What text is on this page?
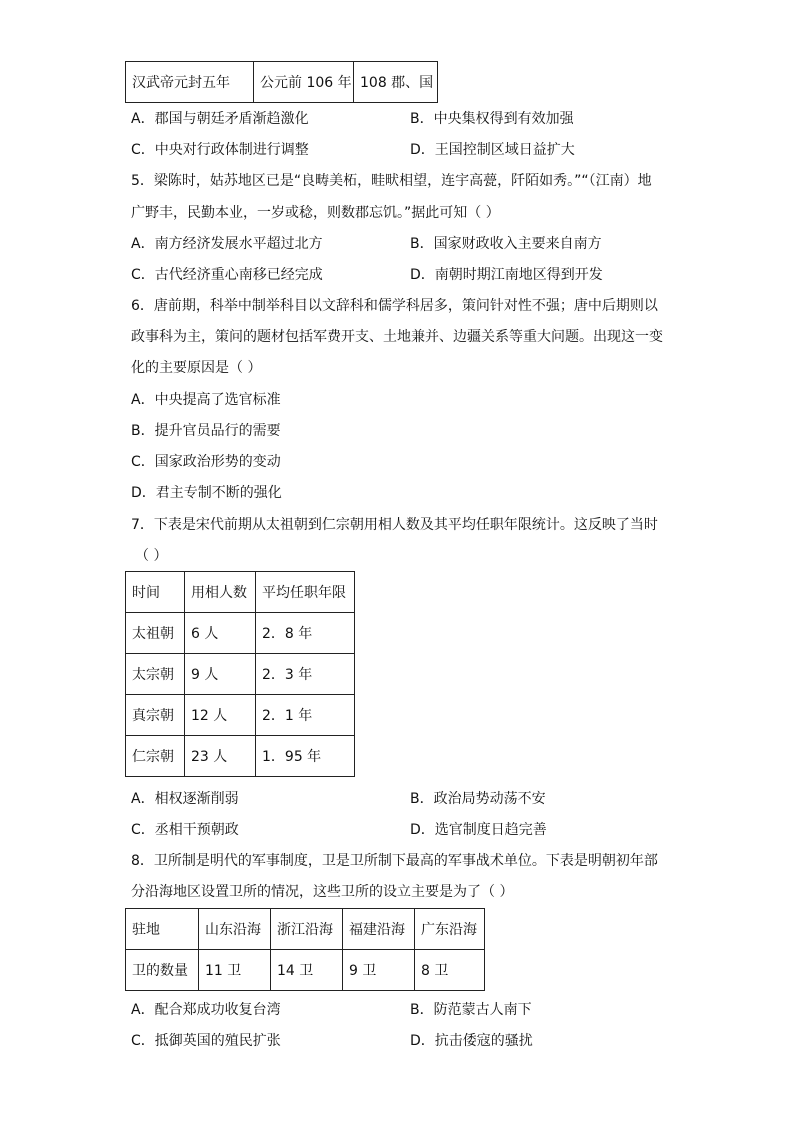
汉武帝元封五年	公元前 106 年	108 郡、国
A．郡国与朝廷矛盾渐趋激化	B．中央集权得到有效加强
C．中央对行政体制进行调整	D．王国控制区域日益扩大
5．梁陈时，姑苏地区已是“良畴美柘，畦畎相望，连宇高甍，阡陌如秀。”“（江南）地
广野丰，民勤本业，一岁或稔，则数郡忘饥。”据此可知（ ）
A．南方经济发展水平超过北方	B．国家财政收入主要来自南方
C．古代经济重心南移已经完成	D．南朝时期江南地区得到开发
6．唐前期，科举中制举科目以文辞科和儒学科居多，策问针对性不强；唐中后期则以
政事科为主，策问的题材包括军费开支、土地兼并、边疆关系等重大问题。出现这一变
化的主要原因是（ ）
A．中央提高了选官标准
B．提升官员品行的需要
C．国家政治形势的变动
D．君主专制不断的强化
7．下表是宋代前期从太祖朝到仁宗朝用相人数及其平均任职年限统计。这反映了当时
（ ）
时间	用相人数	平均任职年限
太祖朝	6 人	2．8 年
太宗朝	9 人	2．3 年
真宗朝	12 人	2．1 年
仁宗朝	23 人	1．95 年
A．相权逐渐削弱	B．政治局势动荡不安
C．丞相干预朝政	D．选官制度日趋完善
8．卫所制是明代的军事制度，卫是卫所制下最高的军事战术单位。下表是明朝初年部
分沿海地区设置卫所的情况，这些卫所的设立主要是为了（ ）
驻地	山东沿海	浙江沿海	福建沿海	广东沿海
卫的数量	11 卫	14 卫	9 卫	8 卫
A．配合郑成功收复台湾	B．防范蒙古人南下
C．抵御英国的殖民扩张	D．抗击倭寇的骚扰
